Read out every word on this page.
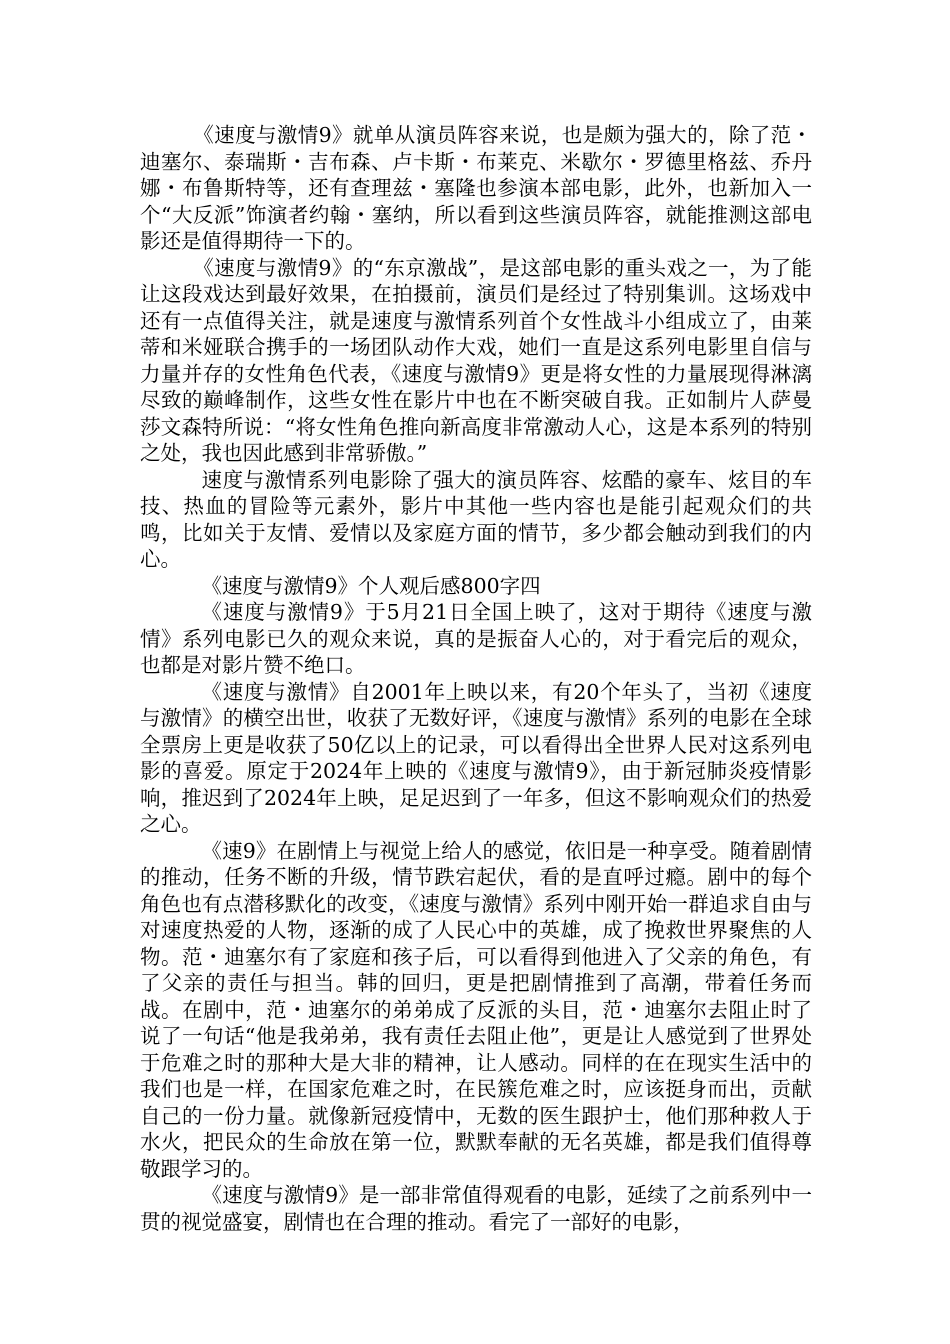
《速度与激情9》就单从演员阵容来说，也是颇为强大的，除了范・迪塞尔、泰瑞斯・吉布森、卢卡斯・布莱克、米歇尔・罗德里格兹、乔丹娜・布鲁斯特等，还有查理兹・塞隆也参演本部电影，此外，也新加入一个“大反派”饰演者约翰・塞纳，所以看到这些演员阵容，就能推测这部电影还是值得期待一下的。

《速度与激情9》的“东京激战”，是这部电影的重头戏之一，为了能让这段戏达到最好效果，在拍摄前，演员们是经过了特别集训。这场戏中还有一点值得关注，就是速度与激情系列首个女性战斗小组成立了，由莱蒂和米娅联合携手的一场团队动作大戏，她们一直是这系列电影里自信与力量并存的女性角色代表，《速度与激情9》更是将女性的力量展现得淋漓尽致的巅峰制作，这些女性在影片中也在不断突破自我。正如制片人萨曼莎文森特所说：“将女性角色推向新高度非常激动人心，这是本系列的特别之处，我也因此感到非常骄傲。”

速度与激情系列电影除了强大的演员阵容、炫酷的豪车、炫目的车技、热血的冒险等元素外，影片中其他一些内容也是能引起观众们的共鸣，比如关于友情、爱情以及家庭方面的情节，多少都会触动到我们的内心。

《速度与激情9》个人观后感800字四

《速度与激情9》于5月21日全国上映了，这对于期待《速度与激情》系列电影已久的观众来说，真的是振奋人心的，对于看完后的观众，也都是对影片赞不绝口。

《速度与激情》自2001年上映以来，有20个年头了，当初《速度与激情》的横空出世，收获了无数好评，《速度与激情》系列的电影在全球全票房上更是收获了50亿以上的记录，可以看得出全世界人民对这系列电影的喜爱。原定于2024年上映的《速度与激情9》，由于新冠肺炎疫情影响，推迟到了2024年上映，足足迟到了一年多，但这不影响观众们的热爱之心。

《速9》在剧情上与视觉上给人的感觉，依旧是一种享受。随着剧情的推动，任务不断的升级，情节跌宕起伏，看的是直呼过瘾。剧中的每个角色也有点潜移默化的改变，《速度与激情》系列中刚开始一群追求自由与对速度热爱的人物，逐渐的成了人民心中的英雄，成了挽救世界聚焦的人物。范・迪塞尔有了家庭和孩子后，可以看得到他进入了父亲的角色，有了父亲的责任与担当。韩的回归，更是把剧情推到了高潮，带着任务而战。在剧中，范・迪塞尔的弟弟成了反派的头目，范・迪塞尔去阻止时了说了一句话“他是我弟弟，我有责任去阻止他”，更是让人感觉到了世界处于危难之时的那种大是大非的精神，让人感动。同样的在在现实生活中的我们也是一样，在国家危难之时，在民簇危难之时，应该挺身而出，贡献自己的一份力量。就像新冠疫情中，无数的医生跟护士，他们那种救人于水火，把民众的生命放在第一位，默默奉献的无名英雄，都是我们值得尊敬跟学习的。

《速度与激情9》是一部非常值得观看的电影，延续了之前系列中一贯的视觉盛宴，剧情也在合理的推动。看完了一部好的电影，
